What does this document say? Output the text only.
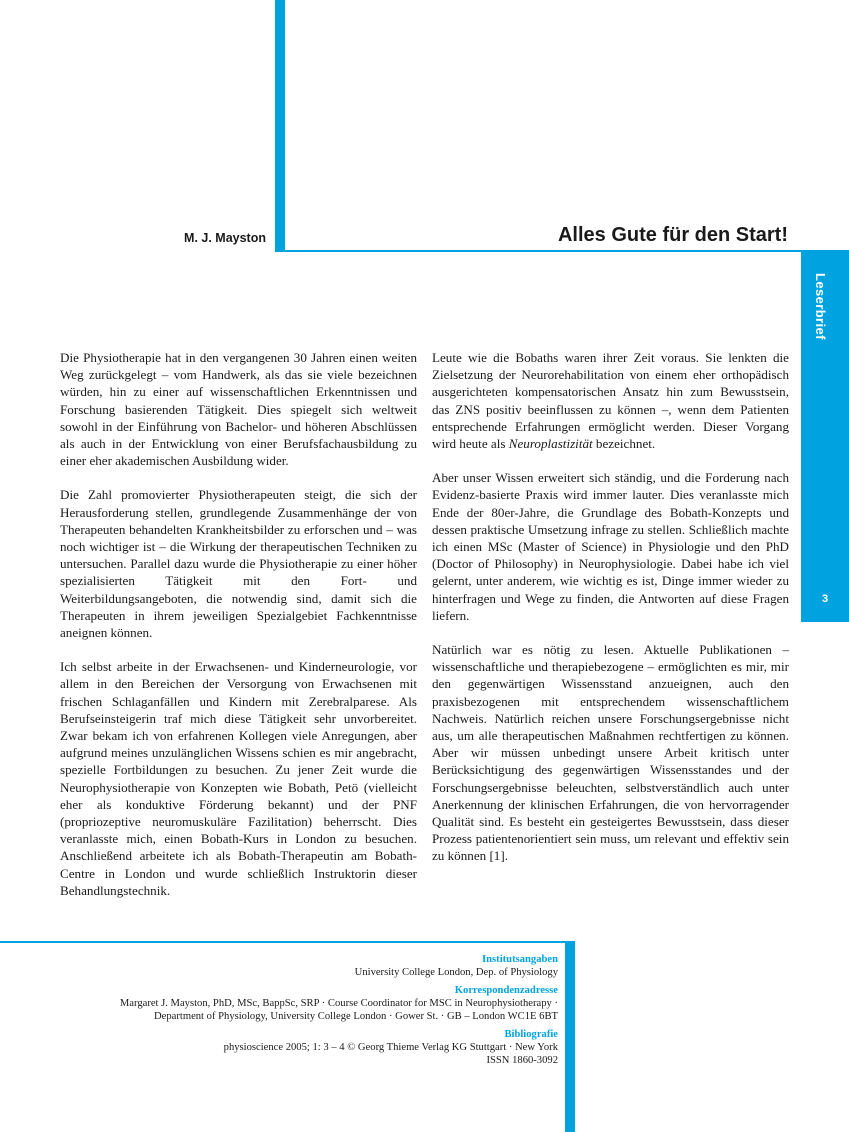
M. J. Mayston	Alles Gute für den Start!
Leserbrief
3

Die Physiotherapie hat in den vergangenen 30 Jahren einen weiten Weg zurückgelegt – vom Handwerk, als das sie viele bezeichnen würden, hin zu einer auf wissenschaftlichen Erkenntnissen und Forschung basierenden Tätigkeit. Dies spiegelt sich weltweit sowohl in der Einführung von Bachelor- und höheren Abschlüssen als auch in der Entwicklung von einer Berufsfachausbildung zu einer eher akademischen Ausbildung wider.

Die Zahl promovierter Physiotherapeuten steigt, die sich der Herausforderung stellen, grundlegende Zusammenhänge der von Therapeuten behandelten Krankheitsbilder zu erforschen und – was noch wichtiger ist – die Wirkung der therapeutischen Techniken zu untersuchen. Parallel dazu wurde die Physiotherapie zu einer höher spezialisierten Tätigkeit mit den Fort- und Weiterbildungsangeboten, die notwendig sind, damit sich die Therapeuten in ihrem jeweiligen Spezialgebiet Fachkenntnisse aneignen können.

Ich selbst arbeite in der Erwachsenen- und Kinderneurologie, vor allem in den Bereichen der Versorgung von Erwachsenen mit frischen Schlaganfällen und Kindern mit Zerebralparese. Als Berufseinsteigerin traf mich diese Tätigkeit sehr unvorbereitet. Zwar bekam ich von erfahrenen Kollegen viele Anregungen, aber aufgrund meines unzulänglichen Wissens schien es mir angebracht, spezielle Fortbildungen zu besuchen. Zu jener Zeit wurde die Neurophysiotherapie von Konzepten wie Bobath, Petö (vielleicht eher als konduktive Förderung bekannt) und der PNF (propriozeptive neuromuskuläre Fazilitation) beherrscht. Dies veranlasste mich, einen Bobath-Kurs in London zu besuchen. Anschließend arbeitete ich als Bobath-Therapeutin am Bobath-Centre in London und wurde schließlich Instruktorin dieser Behandlungstechnik.

Leute wie die Bobaths waren ihrer Zeit voraus. Sie lenkten die Zielsetzung der Neurorehabilitation von einem eher orthopädisch ausgerichteten kompensatorischen Ansatz hin zum Bewusstsein, das ZNS positiv beeinflussen zu können –, wenn dem Patienten entsprechende Erfahrungen ermöglicht werden. Dieser Vorgang wird heute als Neuroplastizität bezeichnet.

Aber unser Wissen erweitert sich ständig, und die Forderung nach Evidenz-basierte Praxis wird immer lauter. Dies veranlasste mich Ende der 80er-Jahre, die Grundlage des Bobath-Konzepts und dessen praktische Umsetzung infrage zu stellen. Schließlich machte ich einen MSc (Master of Science) in Physiologie und den PhD (Doctor of Philosophy) in Neurophysiologie. Dabei habe ich viel gelernt, unter anderem, wie wichtig es ist, Dinge immer wieder zu hinterfragen und Wege zu finden, die Antworten auf diese Fragen liefern.

Natürlich war es nötig zu lesen. Aktuelle Publikationen – wissenschaftliche und therapiebezogene – ermöglichten es mir, mir den gegenwärtigen Wissensstand anzueignen, auch den praxisbezogenen mit entsprechendem wissenschaftlichem Nachweis. Natürlich reichen unsere Forschungsergebnisse nicht aus, um alle therapeutischen Maßnahmen rechtfertigen zu können. Aber wir müssen unbedingt unsere Arbeit kritisch unter Berücksichtigung des gegenwärtigen Wissensstandes und der Forschungsergebnisse beleuchten, selbstverständlich auch unter Anerkennung der klinischen Erfahrungen, die von hervorragender Qualität sind. Es besteht ein gesteigertes Bewusstsein, dass dieser Prozess patientenorientiert sein muss, um relevant und effektiv sein zu können [1].

Institutsangaben
University College London, Dep. of Physiology
Korrespondenzadresse
Margaret J. Mayston, PhD, MSc, BappSc, SRP · Course Coordinator for MSC in Neurophysiotherapy ·
Department of Physiology, University College London · Gower St. · GB – London WC1E 6BT
Bibliografie
physioscience 2005; 1: 3 – 4 © Georg Thieme Verlag KG Stuttgart · New York
ISSN 1860-3092
